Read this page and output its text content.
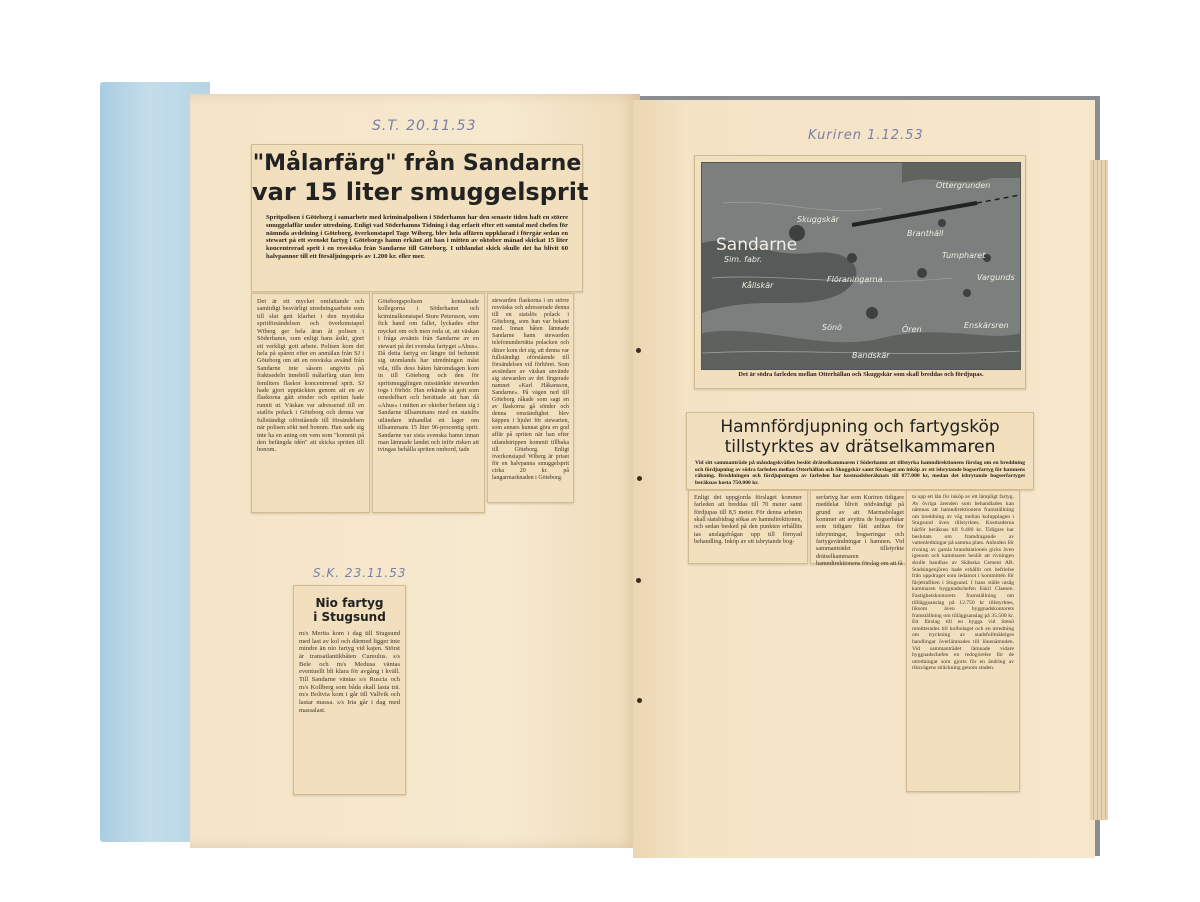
S.T. 20.11.53
S.K. 23.11.53
Kuriren 1.12.53
"Målarfärg" från Sandarne
var 15 liter smuggelsprit
Spritpolisen i Göteborg i samarbete med kriminalpolisen i Söderhamn har den senaste tiden haft en större smuggelaffär under utredning. Enligt vad Söderhamns Tidning i dag erfarit efter ett samtal med chefen för nämnda avdelning i Göteborg, överkonstapel Tage Wiberg, blev hela affären uppklarad i förrgår sedan en stewart på ett svenskt fartyg i Göteborgs hamn erkänt att han i mitten av oktober månad skickat 15 liter koncentrerad sprit i en resväska från Sandarne till Göteborg. I utblandat skick skulle det ha blivit 60 halvpannor till ett försäljningspris av 1.200 kr. eller mer.
Det är ett mycket omfattande och samtidigt besvärligt utredningsarbete som till slut gett klarhet i den mystiska spritförsändelsen och överkonstapel Wiberg ger hela äran åt polisen i Söderhamn, som enligt hans åsikt, gjort ett verkligt gott arbete. Polisen kom det hela på spåren efter en anmälan från SJ i Göteborg om att en resväska avsänd från Sandarne inte såsom angivits på fraktsedeln innehöll målarfärg utan fem femliters flaskor koncentrerad sprit. SJ hade gjort upptäckten genom att en av flaskorna gått sönder och spriten hade runnit ut. Väskan var adresserad till en statlös polack i Göteborg och denna var fullständigt oförstående till försändelsen när polisen sökt ned honom. Han sade sig inte ha en aning om vem som "kommit på den befängda idén" att skicka spriten till honom.
Göteborgspolisen kontaktade kollegorna i Söderhamn och kriminalkonstapel Sture Petersson, som fick hand om fallet, lyckades efter mycket om och men reda ut, att väskan i fråga avsänts från Sandarne av en stewart på det svenska fartyget »Ahus». Då detta fartyg en längre tid befunnit sig utomlands har utredningen måst vila, tills dess båten häromdagen kom in till Göteborg och den för spritsmugglingen misstänkte stewarden togs i förhör. Han erkände så gott som omedelbart och berättade att han då »Ahus» i mitten av oktober befann sig i Sandarne tillsammans med en statslös utländare inhandlat ett lager om tillsammans 15 liter 96-procentig sprit. Sandarne var sista svenska hamn innan man lämnade landet och inför risken att tvingas behålla spriten ombord, tade
stewarden flaskorna i en större resväska och adresserade denna till en statslös polack i Göteborg, som han var bekant med. Innan båten lämnade Sandarne hann stewarden telefonunderrätta polacken och därav kom det sig, att denna var fullständigt oförstående till försändelsen vid förhöret. Som avsändare av väskan använde sig stewarden av det fingerade namnet »Karl Håkansson, Sandarne». På vägen ned till Göteborg råkade som sagt en av flaskorna gå sönder och denna omständighet blev käppen i hjulet för stewarten, som annars kunnat göra en god affär på spriten när han efter utlandstrippen kommit tillbaka till Göteborg. Enligt överkonstapel Wiberg är priset för en halvpanna smuggelsprit cirka 20 kr. på langarmarknaden i Göteborg.
Nio fartyg
i Stugsund
m/s Merita kom i dag till Stugsund med last av kol och därmed ligger inte mindre än nio fartyg vid kajen. Störst är transatlantikbåten Cumulus. s/s Bele och m/s Medusa väntas eventuellt bli klara för avgång i kväll. Till Sandarne väntas s/s Ruscia och m/s Kollberg som båda skall lasta trä. m/s Bolivia kom i går till Vallvik och lastar massa. s/s Iria går i dag med massalast.
Sandarne
Sim. fabr.
Skuggskär
Ottergrunden
Branthäll
Tumpharet
Vargunds
Kållskär
Flöraningarna
Sönö	Ören	Enskärsren
Bandskär
Det är södra farleden mellan Otterhällan och Skuggskär som skall breddas och fördjupas.
Hamnfördjupning och fartygsköp
tillstyrktes av drätselkammaren
Vid sitt sammanträde på måndagskvällen beslöt drätselkammaren i Söderhamn att tillstyrka hamndirektionens förslag om en breddning och fördjupning av södra farleden mellan Otterhällan och Skuggskär samt förslaget om inköp av ett isbrytande bogserfartyg för hamnens räkning. Breddningen och fördjupningen av farleden har kostnadsberäknats till 877.000 kr, medan det isbrytande bogserfartyget beräknas kosta 750.000 kr.
Enligt det uppgjorda förslaget kommer farleden att breddas till 70 meter samt fördjupas till 8,5 meter. För denna arbeten skall statsbidrag sökas av hamndirektionen, och sedan besked på den punkten erhållits tas anslagsfrågan upp till förnyad behandling. Inköp av ett isbrytande bog-
serfartyg har som Kuriren tidigare meddelat blivit nödvändigt på grund av att Marmabolaget kommer att avyttra de bogserbåtar som tidigare fått anlitas för isbrytningar, bogseringar och fartygsvändningar i hamnen. Vid sammanträdet tillstyrkte drätselkammaren hamndirektionens förslag om att få
ta upp ett lån för inköp av ett lämpligt fartyg. Av övriga ärenden som behandlades kan nämnas att hamndirektionens framställning om breddning av väg mellan kolupplagen i Stugsund även tillstyrktes. Kostnaderna härför beräknas till 9.400 kr. Tidigare har beslutats om framdragande av vattenledningar på samma plats. Anbuden för rivning av gamla brandstationen gicks även igenom och kammaren beslöt att rivningen skulle handhas av Skånska Cement AB. Stadsingenjören hade erhållit om befrielse från uppdraget som ledamot i kommittén för färjetrafiken i Stugsund. I hans ställe utsåg kammaren byggnadschefen Eskil Claesen. Fastighetskontorets framställning om tillläggsanslag på 12.750 kr tillstyrktes, liksom även byggnadskontorets framställning om tilläggsanslag på 35.500 kr. Ett förslag till en bygga vid Stenö remitterades till kolbolaget och en utredning om tryckning av stadsfullmäktiges handlingar överlämnades till lönenämnden. Vid sammanträdet lämnade vidare byggnadschefen en redogörelse för de utredningar som gjorts för en ändring av riksvägens sträckning genom staden.
